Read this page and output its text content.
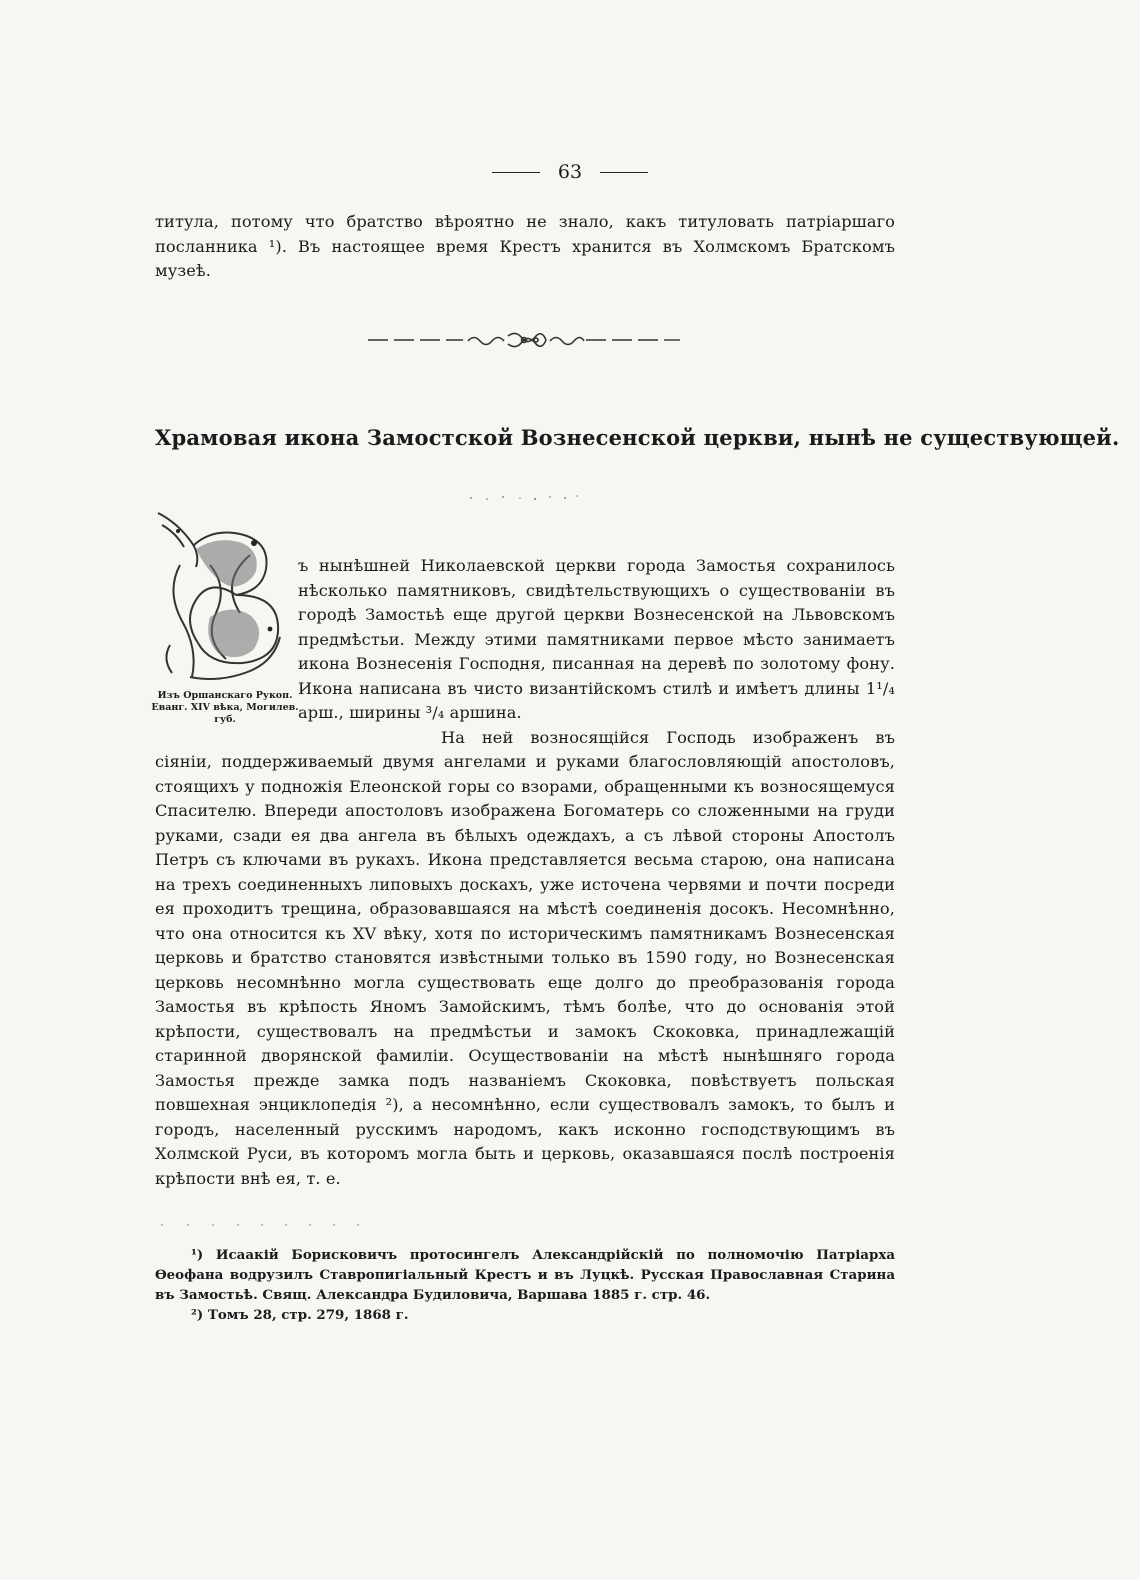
63
титула, потому что братство вѣроятно не знало, какъ титуловать патріаршаго посланника ¹). Въ настоящее время Крестъ хранится въ Холмскомъ Братскомъ музеѣ.
Храмовая икона Замостской Вознесенской церкви, нынѣ не существующей.
Изъ Оршанскаго Рукоп. Еванг. XIV вѣка, Могилев. губ.

ъ нынѣшней Николаевской церкви города Замостья сохранилось нѣсколько памятниковъ, свидѣтельствующихъ о существованіи въ городѣ Замостьѣ еще другой церкви Вознесенской на Львовскомъ предмѣстьи. Между этими памятниками первое мѣсто занимаетъ икона Вознесенія Господня, писанная на деревѣ по золотому фону. Икона написана въ чисто византійскомъ стилѣ и имѣетъ длины 1¹/₄ арш., ширины ³/₄ аршина.

На ней возносящійся Господь изображенъ въ сіяніи, поддерживаемый двумя ангелами и руками благословляющій апостоловъ, стоящихъ у подножія Елеонской горы со взорами, обращенными къ возносящемуся Спасителю. Впереди апостоловъ изображена Богоматерь со сложенными на груди руками, сзади ея два ангела въ бѣлыхъ одеждахъ, а съ лѣвой стороны Апостолъ Петръ съ ключами въ рукахъ. Икона представляется весьма старою, она написана на трехъ соединенныхъ липовыхъ доскахъ, уже источена червями и почти посреди ея проходитъ трещина, образовавшаяся на мѣстѣ соединенія досокъ. Несомнѣнно, что она относится къ XV вѣку, хотя по историческимъ памятникамъ Вознесенская церковь и братство становятся извѣстными только въ 1590 году, но Вознесенская церковь несомнѣнно могла существовать еще долго до преобразованія города Замостья въ крѣпость Яномъ Замойскимъ, тѣмъ болѣе, что до основанія этой крѣпости, существовалъ на предмѣстьи и замокъ Скоковка, принадлежащій старинной дворянской фамиліи. Осуществованіи на мѣстѣ нынѣшняго города Замостья прежде замка подъ названіемъ Скоковка, повѣствуетъ польская повшехная энциклопедія ²), а несомнѣнно, если существовалъ замокъ, то былъ и городъ, населенный русскимъ народомъ, какъ исконно господствующимъ въ Холмской Руси, въ которомъ могла быть и церковь, оказавшаяся послѣ построенія крѣпости внѣ ея, т. е.

¹) Исаакій Борисковичъ протосингелъ Александрійскій по полномочію Патріарха Ѳеофана водрузилъ Ставропигіальный Крестъ и въ Луцкѣ. Русская Православная Старина въ Замостьѣ. Свящ. Александра Будиловича, Варшава 1885 г. стр. 46.

²) Томъ 28, стр. 279, 1868 г.
